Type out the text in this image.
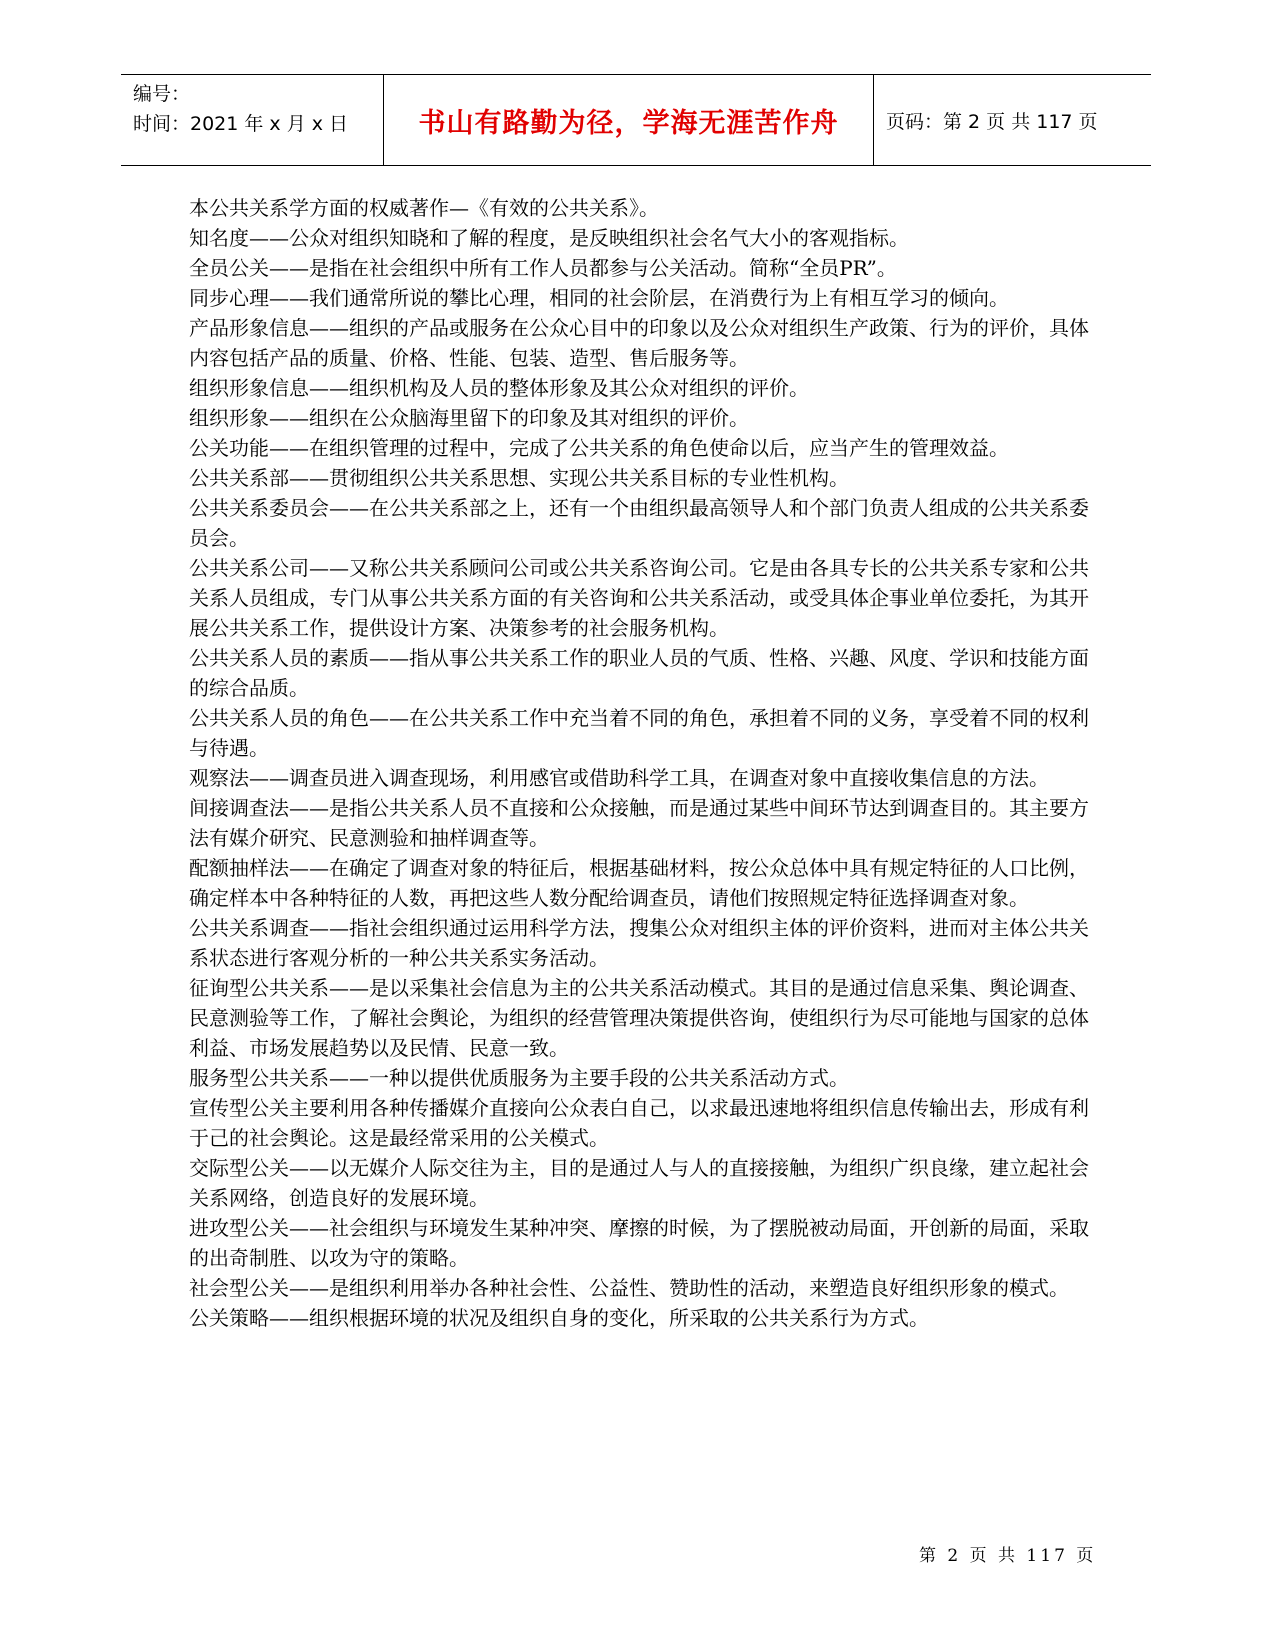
编号：
时间：2021 年 x 月 x 日	书山有路勤为径，学海无涯苦作舟	页码：第 2 页 共 117 页

本公共关系学方面的权威著作—《有效的公共关系》。

知名度——公众对组织知晓和了解的程度，是反映组织社会名气大小的客观指标。

全员公关——是指在社会组织中所有工作人员都参与公关活动。简称“全员PR”。

同步心理——我们通常所说的攀比心理，相同的社会阶层，在消费行为上有相互学习的倾向。

产品形象信息——组织的产品或服务在公众心目中的印象以及公众对组织生产政策、行为的评价，具体内容包括产品的质量、价格、性能、包装、造型、售后服务等。

组织形象信息——组织机构及人员的整体形象及其公众对组织的评价。

组织形象——组织在公众脑海里留下的印象及其对组织的评价。

公关功能——在组织管理的过程中，完成了公共关系的角色使命以后，应当产生的管理效益。

公共关系部——贯彻组织公共关系思想、实现公共关系目标的专业性机构。

公共关系委员会——在公共关系部之上，还有一个由组织最高领导人和个部门负责人组成的公共关系委员会。

公共关系公司——又称公共关系顾问公司或公共关系咨询公司。它是由各具专长的公共关系专家和公共关系人员组成，专门从事公共关系方面的有关咨询和公共关系活动，或受具体企事业单位委托，为其开展公共关系工作，提供设计方案、决策参考的社会服务机构。

公共关系人员的素质——指从事公共关系工作的职业人员的气质、性格、兴趣、风度、学识和技能方面的综合品质。

公共关系人员的角色——在公共关系工作中充当着不同的角色，承担着不同的义务，享受着不同的权利与待遇。

观察法——调查员进入调查现场，利用感官或借助科学工具，在调查对象中直接收集信息的方法。

间接调查法——是指公共关系人员不直接和公众接触，而是通过某些中间环节达到调查目的。其主要方法有媒介研究、民意测验和抽样调查等。

配额抽样法——在确定了调查对象的特征后，根据基础材料，按公众总体中具有规定特征的人口比例，确定样本中各种特征的人数，再把这些人数分配给调查员，请他们按照规定特征选择调查对象。

公共关系调查——指社会组织通过运用科学方法，搜集公众对组织主体的评价资料，进而对主体公共关系状态进行客观分析的一种公共关系实务活动。

征询型公共关系——是以采集社会信息为主的公共关系活动模式。其目的是通过信息采集、舆论调查、民意测验等工作，了解社会舆论，为组织的经营管理决策提供咨询，使组织行为尽可能地与国家的总体利益、市场发展趋势以及民情、民意一致。

服务型公共关系——一种以提供优质服务为主要手段的公共关系活动方式。

宣传型公关主要利用各种传播媒介直接向公众表白自己，以求最迅速地将组织信息传输出去，形成有利于己的社会舆论。这是最经常采用的公关模式。

交际型公关——以无媒介人际交往为主，目的是通过人与人的直接接触，为组织广织良缘，建立起社会关系网络，创造良好的发展环境。

进攻型公关——社会组织与环境发生某种冲突、摩擦的时候，为了摆脱被动局面，开创新的局面，采取的出奇制胜、以攻为守的策略。

社会型公关——是组织利用举办各种社会性、公益性、赞助性的活动，来塑造良好组织形象的模式。

公关策略——组织根据环境的状况及组织自身的变化，所采取的公共关系行为方式。

第 2 页 共 117 页
